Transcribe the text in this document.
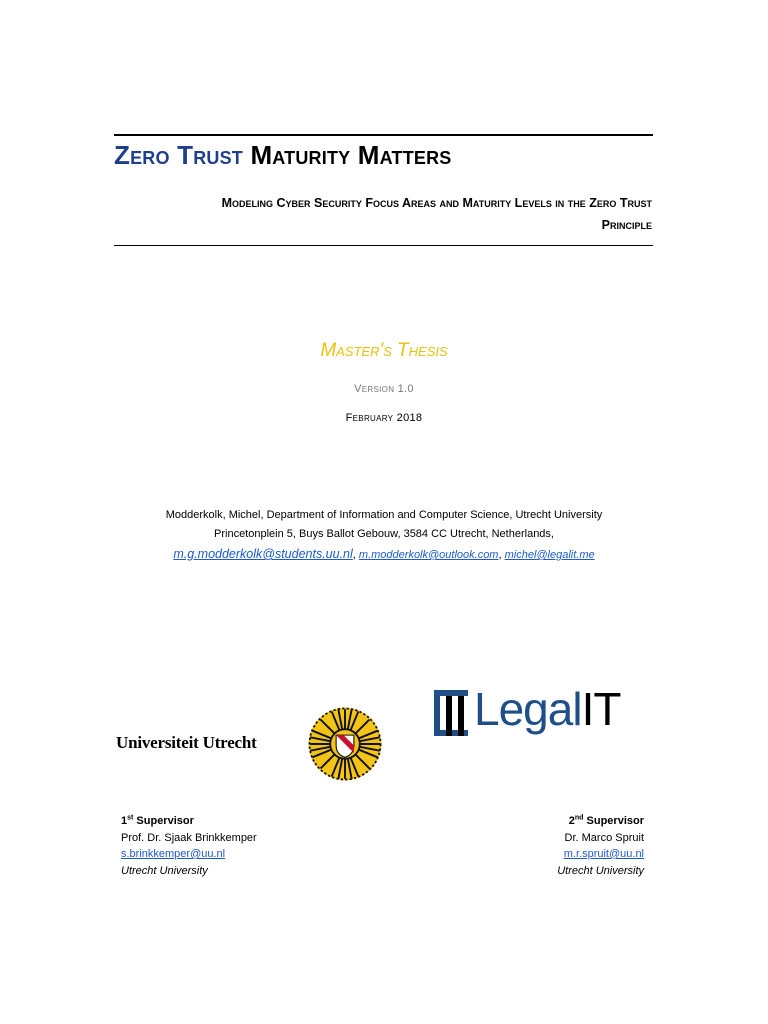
Zero Trust Maturity Matters
Modeling Cyber Security Focus Areas and Maturity Levels in the Zero Trust
Principle
Master's Thesis
Version 1.0
February 2018
Modderkolk, Michel, Department of Information and Computer Science, Utrecht University
Princetonplein 5, Buys Ballot Gebouw, 3584 CC Utrecht, Netherlands,
m.g.modderkolk@students.uu.nl, m.modderkolk@outlook.com, michel@legalit.me
Universiteit Utrecht
LegalIT
1st Supervisor
Prof. Dr. Sjaak Brinkkemper
s.brinkkemper@uu.nl
Utrecht University
2nd Supervisor
Dr. Marco Spruit
m.r.spruit@uu.nl
Utrecht University
